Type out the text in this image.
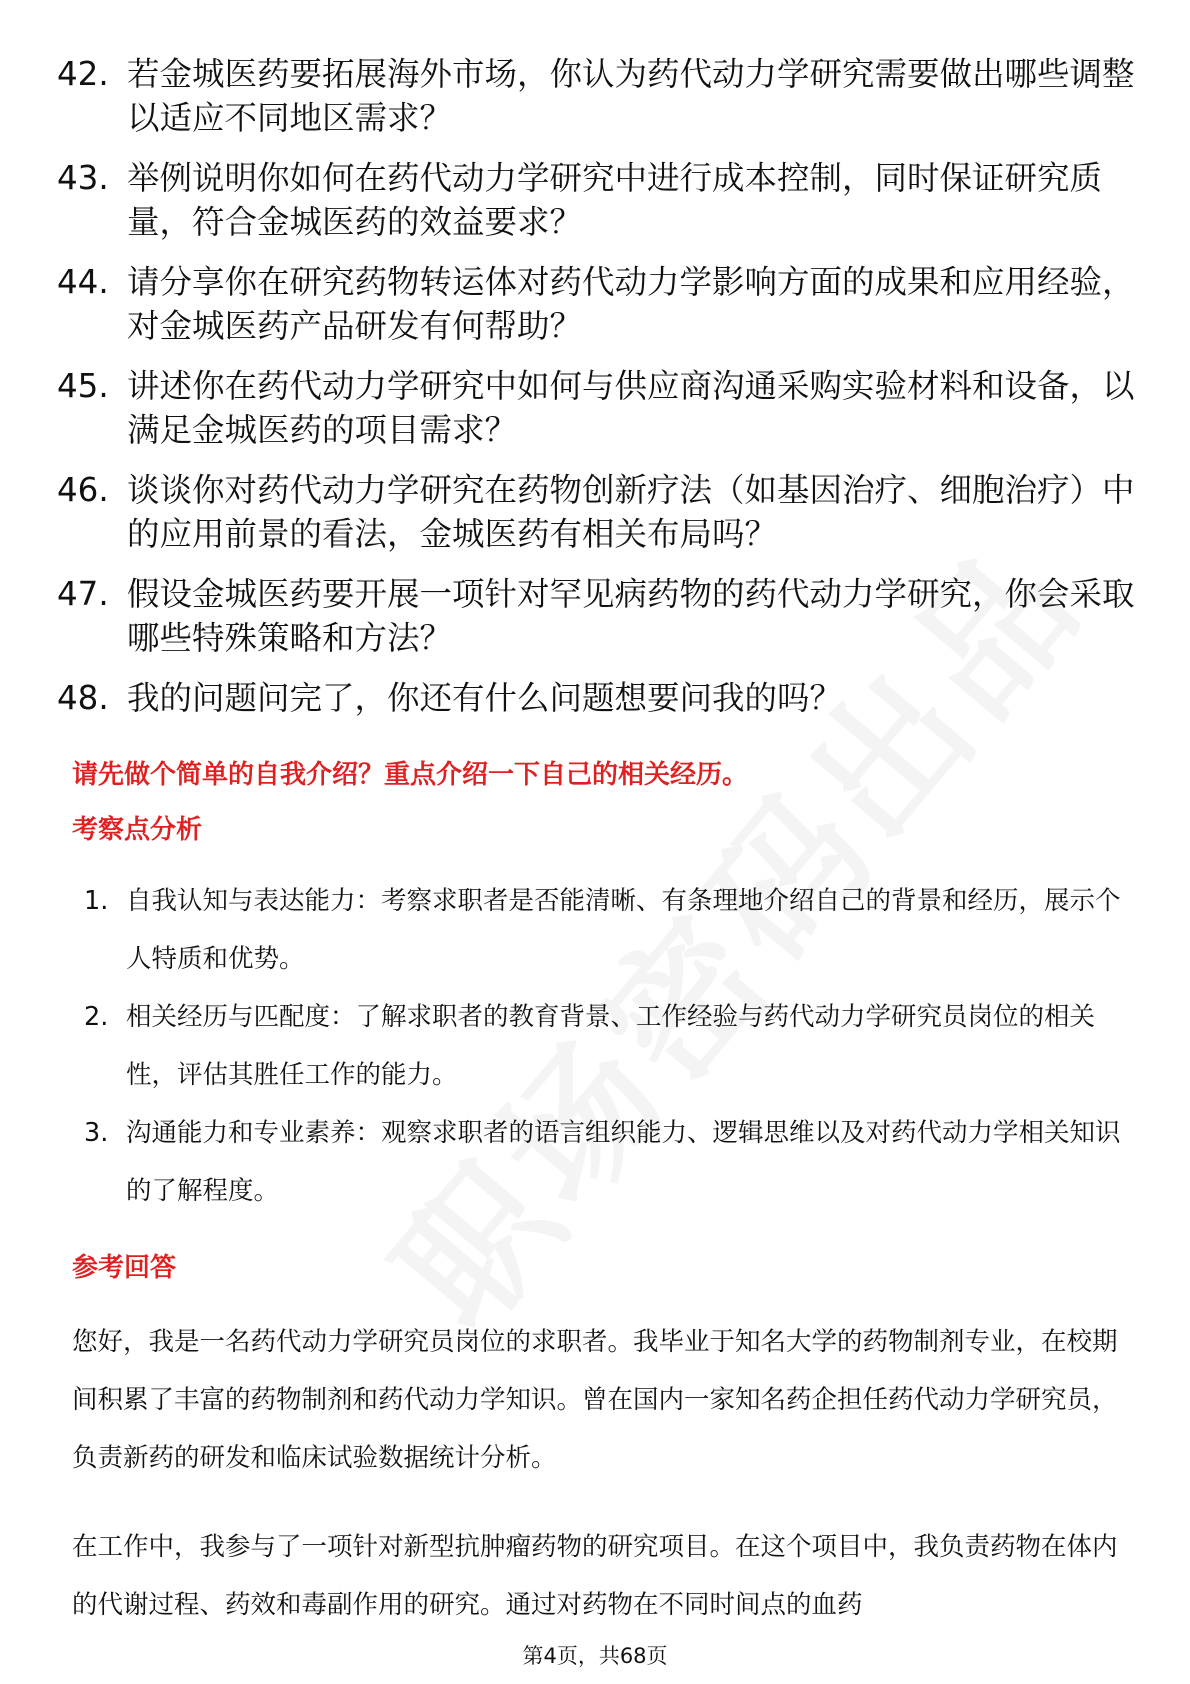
42. 若金城医药要拓展海外市场，你认为药代动力学研究需要做出哪些调整以适应不同地区需求？
43. 举例说明你如何在药代动力学研究中进行成本控制，同时保证研究质量，符合金城医药的效益要求？
44. 请分享你在研究药物转运体对药代动力学影响方面的成果和应用经验，对金城医药产品研发有何帮助？
45. 讲述你在药代动力学研究中如何与供应商沟通采购实验材料和设备，以满足金城医药的项目需求？
46. 谈谈你对药代动力学研究在药物创新疗法（如基因治疗、细胞治疗）中的应用前景的看法，金城医药有相关布局吗？
47. 假设金城医药要开展一项针对罕见病药物的药代动力学研究，你会采取哪些特殊策略和方法？
48. 我的问题问完了，你还有什么问题想要问我的吗？
请先做个简单的自我介绍？重点介绍一下自己的相关经历。
考察点分析
1. 自我认知与表达能力：考察求职者是否能清晰、有条理地介绍自己的背景和经历，展示个人特质和优势。
2. 相关经历与匹配度：了解求职者的教育背景、工作经验与药代动力学研究员岗位的相关性，评估其胜任工作的能力。
3. 沟通能力和专业素养：观察求职者的语言组织能力、逻辑思维以及对药代动力学相关知识的了解程度。
参考回答

您好，我是一名药代动力学研究员岗位的求职者。我毕业于知名大学的药物制剂专业，在校期间积累了丰富的药物制剂和药代动力学知识。曾在国内一家知名药企担任药代动力学研究员，负责新药的研发和临床试验数据统计分析。

在工作中，我参与了一项针对新型抗肿瘤药物的研究项目。在这个项目中，我负责药物在体内的代谢过程、药效和毒副作用的研究。通过对药物在不同时间点的血药

第4页，共68页
